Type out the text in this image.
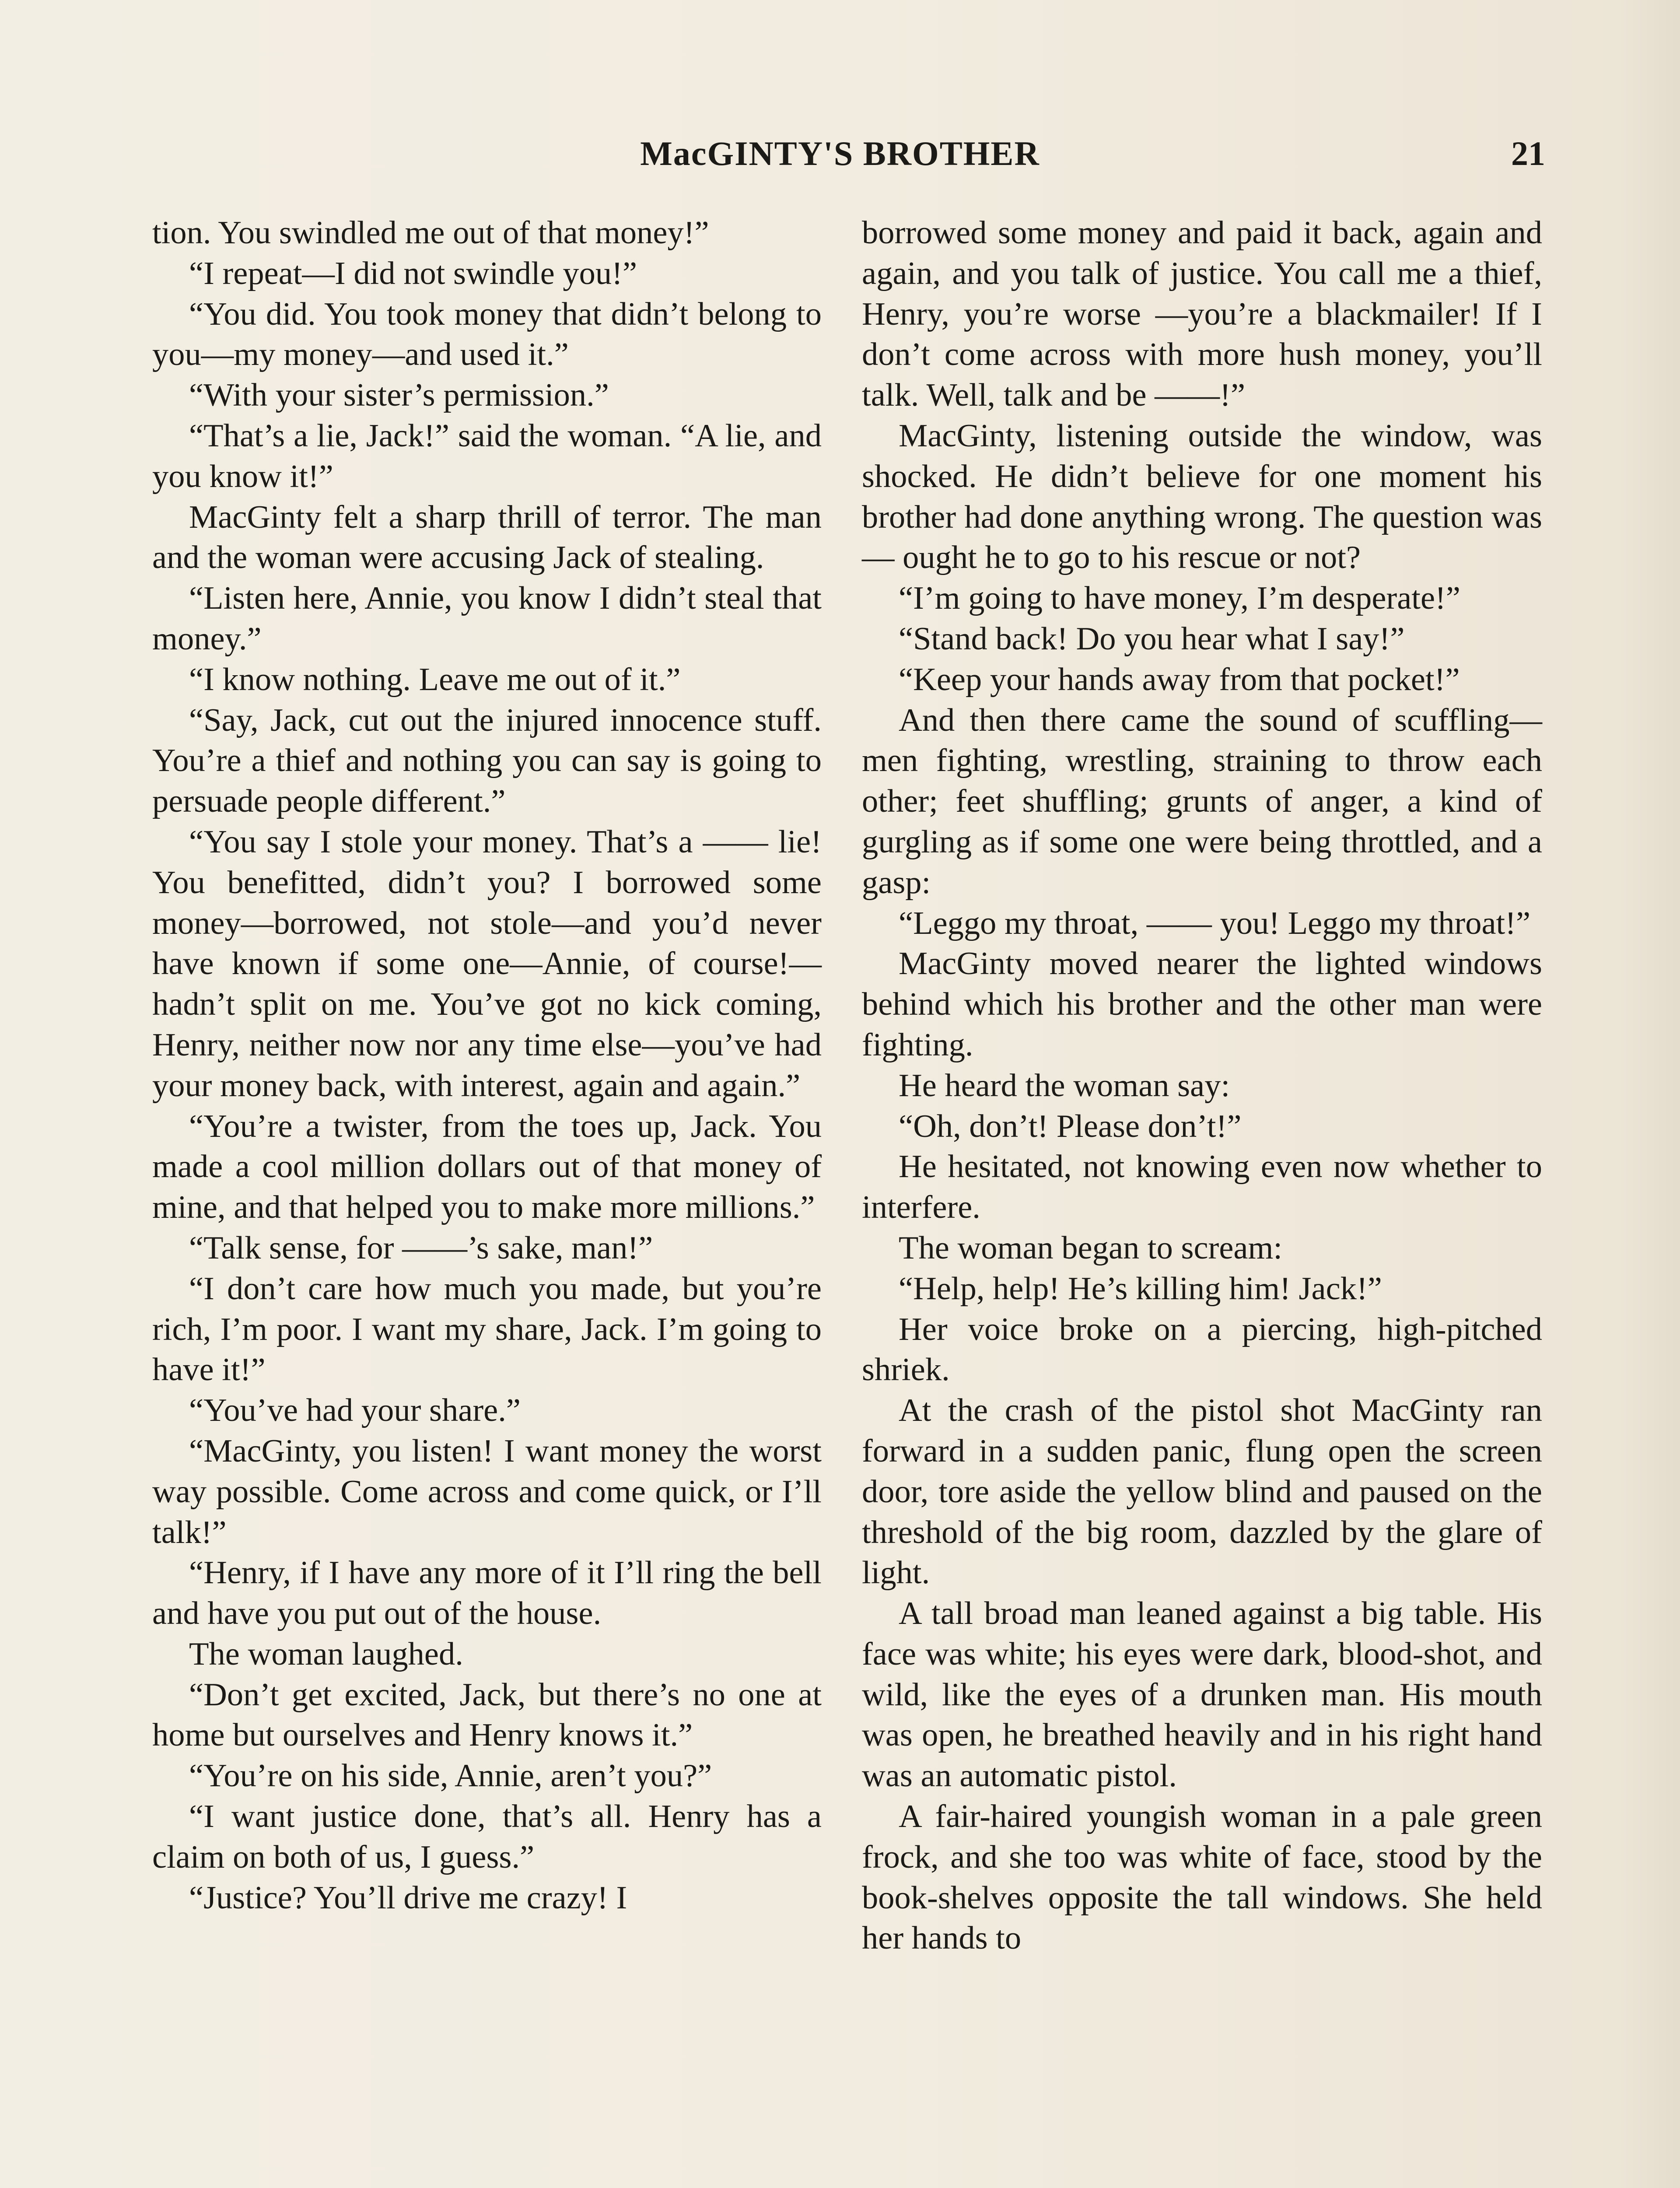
MacGINTY'S BROTHER	21

tion. You swindled me out of that money!”

“I repeat—I did not swindle you!”

“You did. You took money that didn’t belong to you—my money—and used it.”

“With your sister’s permission.”

“That’s a lie, Jack!” said the woman. “A lie, and you know it!”

MacGinty felt a sharp thrill of terror. The man and the woman were accusing Jack of stealing.

“Listen here, Annie, you know I didn’t steal that money.”

“I know nothing. Leave me out of it.”

“Say, Jack, cut out the injured innocence stuff. You’re a thief and nothing you can say is going to persuade people different.”

“You say I stole your money. That’s a —— lie! You benefitted, didn’t you? I borrowed some money—borrowed, not stole—and you’d never have known if some one—Annie, of course!—hadn’t split on me. You’ve got no kick coming, Henry, neither now nor any time else—you’ve had your money back, with interest, again and again.”

“You’re a twister, from the toes up, Jack. You made a cool million dollars out of that money of mine, and that helped you to make more millions.”

“Talk sense, for ——’s sake, man!”

“I don’t care how much you made, but you’re rich, I’m poor. I want my share, Jack. I’m going to have it!”

“You’ve had your share.”

“MacGinty, you listen! I want money the worst way possible. Come across and come quick, or I’ll talk!”

“Henry, if I have any more of it I’ll ring the bell and have you put out of the house.

The woman laughed.

“Don’t get excited, Jack, but there’s no one at home but ourselves and Henry knows it.”

“You’re on his side, Annie, aren’t you?”

“I want justice done, that’s all. Henry has a claim on both of us, I guess.”

“Justice? You’ll drive me crazy! I

borrowed some money and paid it back, again and again, and you talk of justice. You call me a thief, Henry, you’re worse —you’re a blackmailer! If I don’t come across with more hush money, you’ll talk. Well, talk and be ——!”

MacGinty, listening outside the window, was shocked. He didn’t believe for one moment his brother had done anything wrong. The question was— ought he to go to his rescue or not?

“I’m going to have money, I’m desperate!”

“Stand back! Do you hear what I say!”

“Keep your hands away from that pocket!”

And then there came the sound of scuffling—men fighting, wrestling, straining to throw each other; feet shuffling; grunts of anger, a kind of gurgling as if some one were being throttled, and a gasp:

“Leggo my throat, —— you! Leggo my throat!”

MacGinty moved nearer the lighted windows behind which his brother and the other man were fighting.

He heard the woman say:

“Oh, don’t! Please don’t!”

He hesitated, not knowing even now whether to interfere.

The woman began to scream:

“Help, help! He’s killing him! Jack!”

Her voice broke on a piercing, high-pitched shriek.

At the crash of the pistol shot MacGinty ran forward in a sudden panic, flung open the screen door, tore aside the yellow blind and paused on the threshold of the big room, dazzled by the glare of light.

A tall broad man leaned against a big table. His face was white; his eyes were dark, blood-shot, and wild, like the eyes of a drunken man. His mouth was open, he breathed heavily and in his right hand was an automatic pistol.

A fair-haired youngish woman in a pale green frock, and she too was white of face, stood by the book-shelves opposite the tall windows. She held her hands to
